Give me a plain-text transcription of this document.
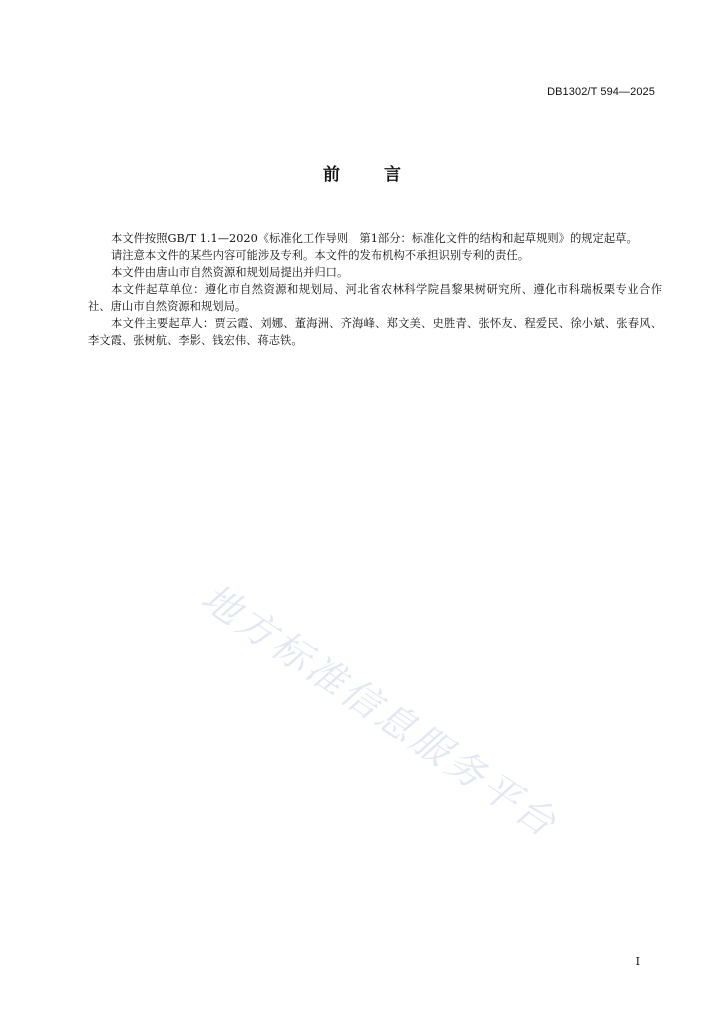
DB1302/T 594—2025
前言

本文件按照GB/T 1.1—2020《标准化工作导则　第1部分：标准化文件的结构和起草规则》的规定起草。

请注意本文件的某些内容可能涉及专利。本文件的发布机构不承担识别专利的责任。

本文件由唐山市自然资源和规划局提出并归口。

本文件起草单位：遵化市自然资源和规划局、河北省农林科学院昌黎果树研究所、遵化市科瑞板栗专业合作社、唐山市自然资源和规划局。

本文件主要起草人：贾云霞、刘娜、董海洲、齐海峰、郑文美、史胜青、张怀友、程爱民、徐小斌、张春风、李文霞、张树航、李影、钱宏伟、蒋志铁。

地方标准信息服务平台
I
